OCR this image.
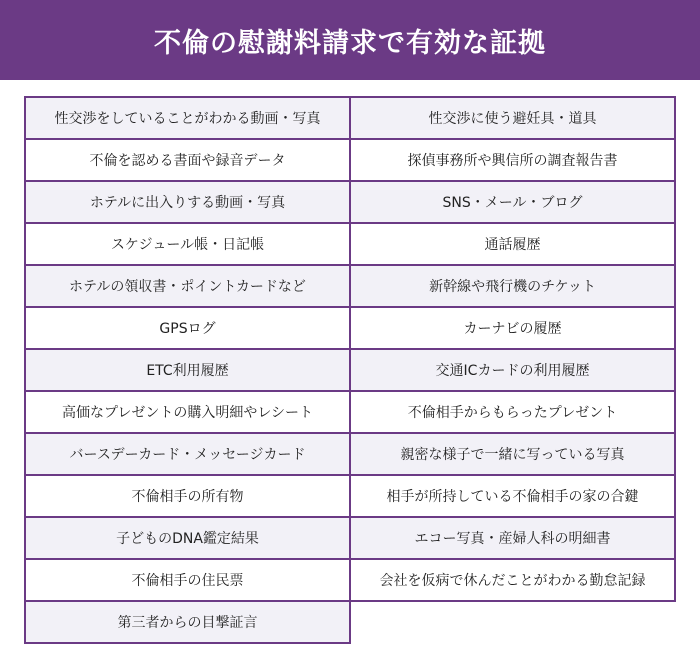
不倫の慰謝料請求で有効な証拠
性交渉をしていることがわかる動画・写真	性交渉に使う避妊具・道具
不倫を認める書面や録音データ	探偵事務所や興信所の調査報告書
ホテルに出入りする動画・写真	SNS・メール・ブログ
スケジュール帳・日記帳	通話履歴
ホテルの領収書・ポイントカードなど	新幹線や飛行機のチケット
GPSログ	カーナビの履歴
ETC利用履歴	交通ICカードの利用履歴
高価なプレゼントの購入明細やレシート	不倫相手からもらったプレゼント
バースデーカード・メッセージカード	親密な様子で一緒に写っている写真
不倫相手の所有物	相手が所持している不倫相手の家の合鍵
子どものDNA鑑定結果	エコー写真・産婦人科の明細書
不倫相手の住民票	会社を仮病で休んだことがわかる勤怠記録
第三者からの目撃証言
